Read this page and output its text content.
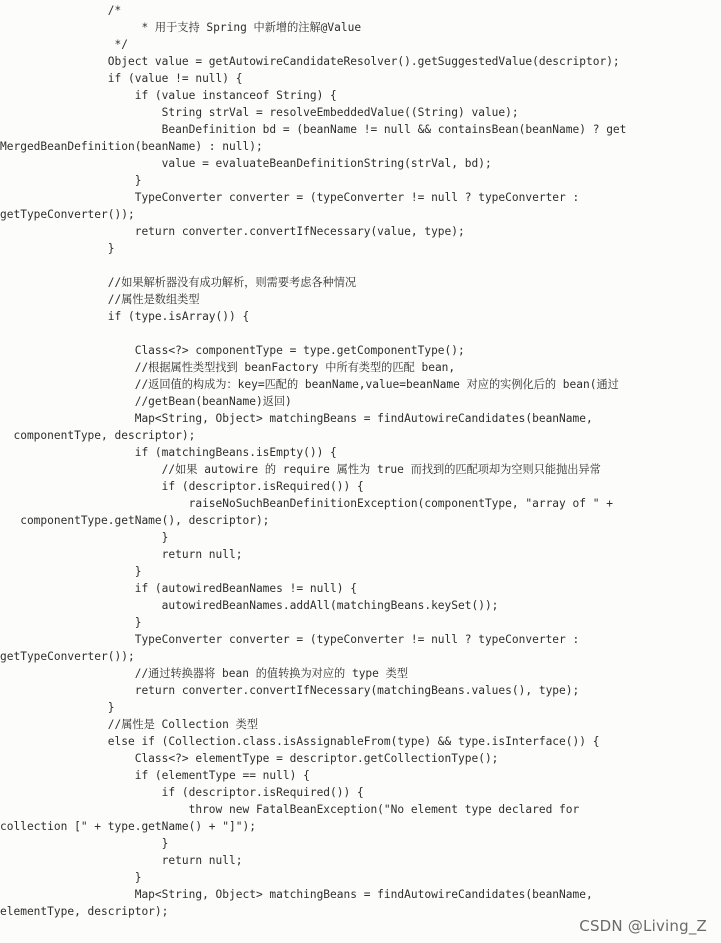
/*
* 用于支持 Spring 中新增的注解@Value
*/
Object value = getAutowireCandidateResolver().getSuggestedValue(descriptor);
if (value != null) {
if (value instanceof String) {
String strVal = resolveEmbeddedValue((String) value);
BeanDefinition bd = (beanName != null && containsBean(beanName) ? get
MergedBeanDefinition(beanName) : null);
value = evaluateBeanDefinitionString(strVal, bd);
}
TypeConverter converter = (typeConverter != null ? typeConverter :
getTypeConverter());
return converter.convertIfNecessary(value, type);
}
//如果解析器没有成功解析，则需要考虑各种情况
//属性是数组类型
if (type.isArray()) {
Class<?> componentType = type.getComponentType();
//根据属性类型找到 beanFactory 中所有类型的匹配 bean,
//返回值的构成为：key=匹配的 beanName,value=beanName 对应的实例化后的 bean(通过
//getBean(beanName)返回)
Map<String, Object> matchingBeans = findAutowireCandidates(beanName,
componentType, descriptor);
if (matchingBeans.isEmpty()) {
//如果 autowire 的 require 属性为 true 而找到的匹配项却为空则只能抛出异常
if (descriptor.isRequired()) {
raiseNoSuchBeanDefinitionException(componentType, "array of " +
componentType.getName(), descriptor);
}
return null;
}
if (autowiredBeanNames != null) {
autowiredBeanNames.addAll(matchingBeans.keySet());
}
TypeConverter converter = (typeConverter != null ? typeConverter :
getTypeConverter());
//通过转换器将 bean 的值转换为对应的 type 类型
return converter.convertIfNecessary(matchingBeans.values(), type);
}
//属性是 Collection 类型
else if (Collection.class.isAssignableFrom(type) && type.isInterface()) {
Class<?> elementType = descriptor.getCollectionType();
if (elementType == null) {
if (descriptor.isRequired()) {
throw new FatalBeanException("No element type declared for
collection [" + type.getName() + "]");
}
return null;
}
Map<String, Object> matchingBeans = findAutowireCandidates(beanName,
elementType, descriptor);
CSDN @Living_Z
